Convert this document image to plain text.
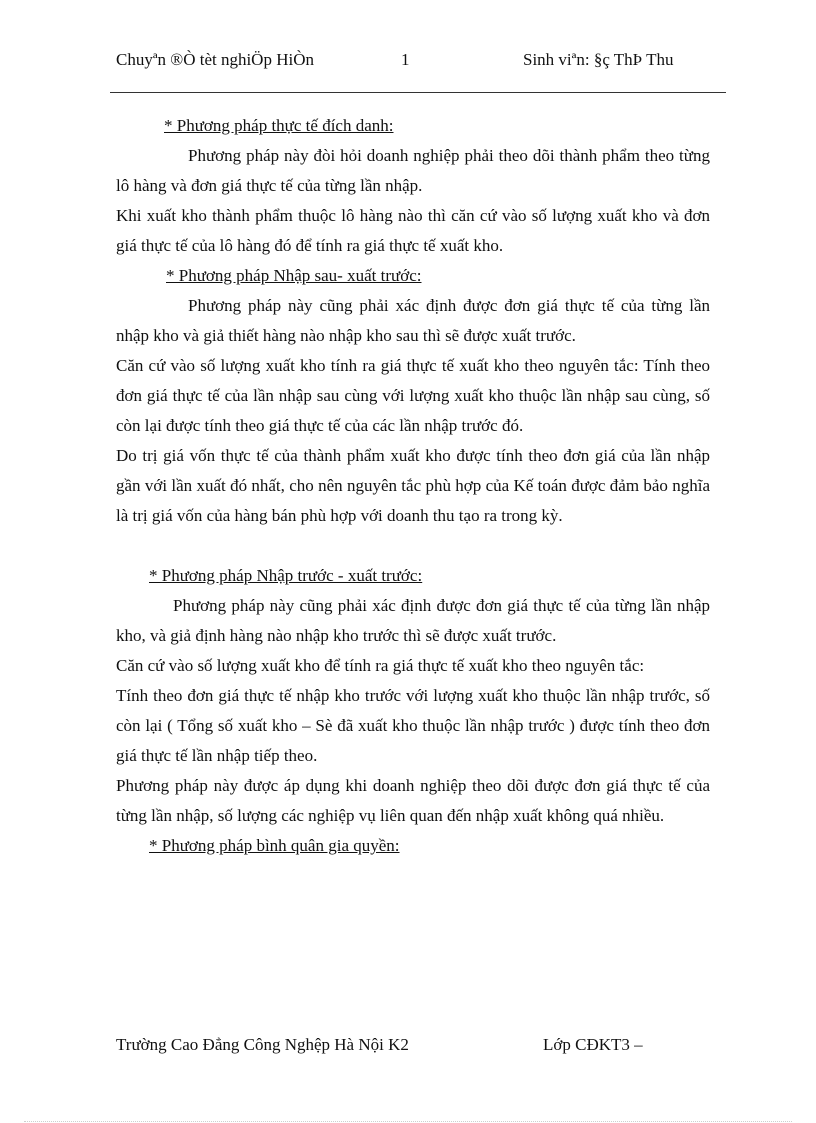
Chuyªn ®Ò tèt nghiÖp HiÒn	1	Sinh viªn: §ç ThÞ Thu

* Phương pháp thực tế đích danh:

Phương pháp này đòi hỏi doanh nghiệp phải theo dõi thành phẩm theo từng lô hàng và đơn giá thực tế của từng lần nhập.

Khi xuất kho thành phẩm thuộc lô hàng nào thì căn cứ vào số lượng xuất kho và đơn giá thực tế của lô hàng đó để tính ra giá thực tế xuất kho.

* Phương pháp Nhập sau- xuất trước:

Phương pháp này cũng phải xác định được đơn giá thực tế của từng lần nhập kho và giả thiết hàng nào nhập kho sau thì sẽ được xuất trước.

Căn cứ vào số lượng xuất kho tính ra giá thực tế xuất kho theo nguyên tắc: Tính theo đơn giá thực tế của lần nhập sau cùng với lượng xuất kho thuộc lần nhập sau cùng, số còn lại được tính theo giá thực tế của các lần nhập trước đó.

Do trị giá vốn thực tế của thành phẩm xuất kho được tính theo đơn giá của lần nhập gần với lần xuất đó nhất, cho nên nguyên tắc phù hợp của Kế toán được đảm bảo nghĩa là trị giá vốn của hàng bán phù hợp với doanh thu tạo ra trong kỳ.

* Phương pháp Nhập trước - xuất trước:

Phương pháp này cũng phải xác định được đơn giá thực tế của từng lần nhập kho, và giả định hàng nào nhập kho trước thì sẽ được xuất trước.

Căn cứ vào số lượng xuất kho để tính ra giá thực tế xuất kho theo nguyên tắc:

Tính theo đơn giá thực tế nhập kho trước với lượng xuất kho thuộc lần nhập trước, số còn lại ( Tổng số xuất kho – Sè đã xuất kho thuộc lần nhập trước ) được tính theo đơn giá thực tế lần nhập tiếp theo.

Phương pháp này được áp dụng khi doanh nghiệp theo dõi được đơn giá thực tế của từng lần nhập, số lượng các nghiệp vụ liên quan đến nhập xuất không quá nhiều.

* Phương pháp bình quân gia quyền:

Trường Cao Đẳng Công Nghệp Hà Nội K2	Lớp CĐKT3 –
